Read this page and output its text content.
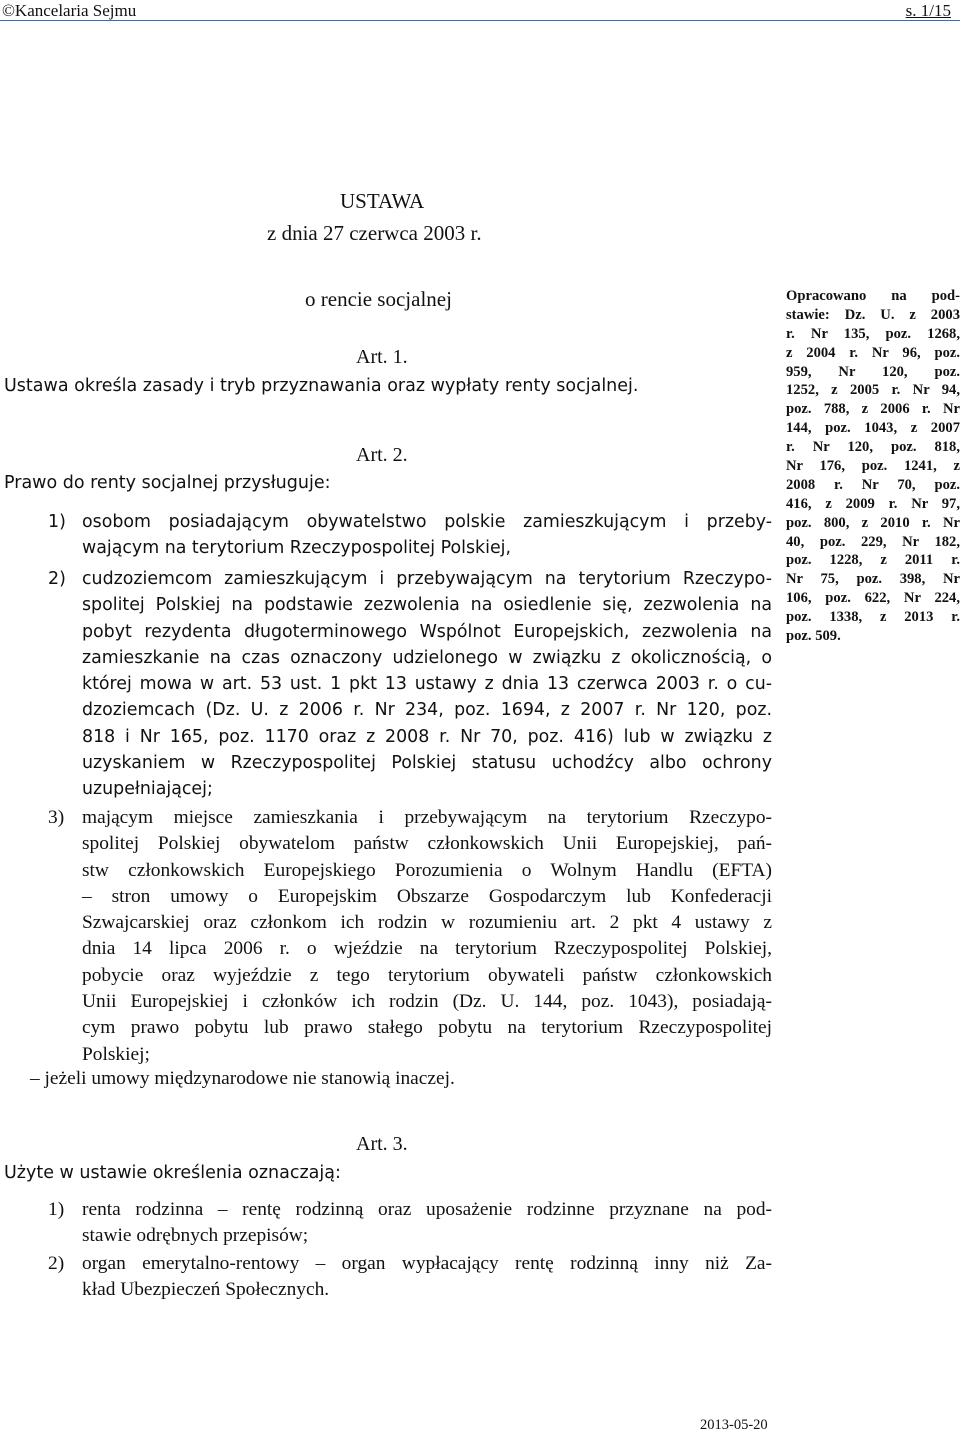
©Kancelaria Sejmu	s. 1/15
USTAWA
z dnia 27 czerwca 2003 r.
o rencie socjalnej	Opracowano na pod-
stawie: Dz. U. z 2003
r. Nr 135, poz. 1268,
z 2004 r. Nr 96, poz.
959, Nr 120, poz.
1252, z 2005 r. Nr 94,
poz. 788, z 2006 r. Nr
144, poz. 1043, z 2007
r. Nr 120, poz. 818,
Nr 176, poz. 1241, z
2008 r. Nr 70, poz.
416, z 2009 r. Nr 97,
poz. 800, z 2010 r. Nr
40, poz. 229, Nr 182,
poz. 1228, z 2011 r.
Nr 75, poz. 398, Nr
106, poz. 622, Nr 224,
poz. 1338, z 2013 r.
poz. 509.
Art. 1.
Ustawa określa zasady i tryb przyznawania oraz wypłaty renty socjalnej.
Art. 2.
Prawo do renty socjalnej przysługuje:
1) osobom posiadającym obywatelstwo polskie zamieszkującym i przeby-
wającym na terytorium Rzeczypospolitej Polskiej,
2) cudzoziemcom zamieszkującym i przebywającym na terytorium Rzeczypo-
spolitej Polskiej na podstawie zezwolenia na osiedlenie się, zezwolenia na
pobyt rezydenta długoterminowego Wspólnot Europejskich, zezwolenia na
zamieszkanie na czas oznaczony udzielonego w związku z okolicznością, o
której mowa w art. 53 ust. 1 pkt 13 ustawy z dnia 13 czerwca 2003 r. o cu-
dzoziemcach (Dz. U. z 2006 r. Nr 234, poz. 1694, z 2007 r. Nr 120, poz.
818 i Nr 165, poz. 1170 oraz z 2008 r. Nr 70, poz. 416) lub w związku z
uzyskaniem w Rzeczypospolitej Polskiej statusu uchodźcy albo ochrony
uzupełniającej;
3) mającym miejsce zamieszkania i przebywającym na terytorium Rzeczypo-
spolitej Polskiej obywatelom państw członkowskich Unii Europejskiej, pań-
stw członkowskich Europejskiego Porozumienia o Wolnym Handlu (EFTA)
– stron umowy o Europejskim Obszarze Gospodarczym lub Konfederacji
Szwajcarskiej oraz członkom ich rodzin w rozumieniu art. 2 pkt 4 ustawy z
dnia 14 lipca 2006 r. o wjeździe na terytorium Rzeczypospolitej Polskiej,
pobycie oraz wyjeździe z tego terytorium obywateli państw członkowskich
Unii Europejskiej i członków ich rodzin (Dz. U. 144, poz. 1043), posiadają-
cym prawo pobytu lub prawo stałego pobytu na terytorium Rzeczypospolitej
Polskiej;
– jeżeli umowy międzynarodowe nie stanowią inaczej.
Art. 3.
Użyte w ustawie określenia oznaczają:
1) renta rodzinna – rentę rodzinną oraz uposażenie rodzinne przyznane na pod-
stawie odrębnych przepisów;
2) organ emerytalno-rentowy – organ wypłacający rentę rodzinną inny niż Za-
kład Ubezpieczeń Społecznych.
2013-05-20
